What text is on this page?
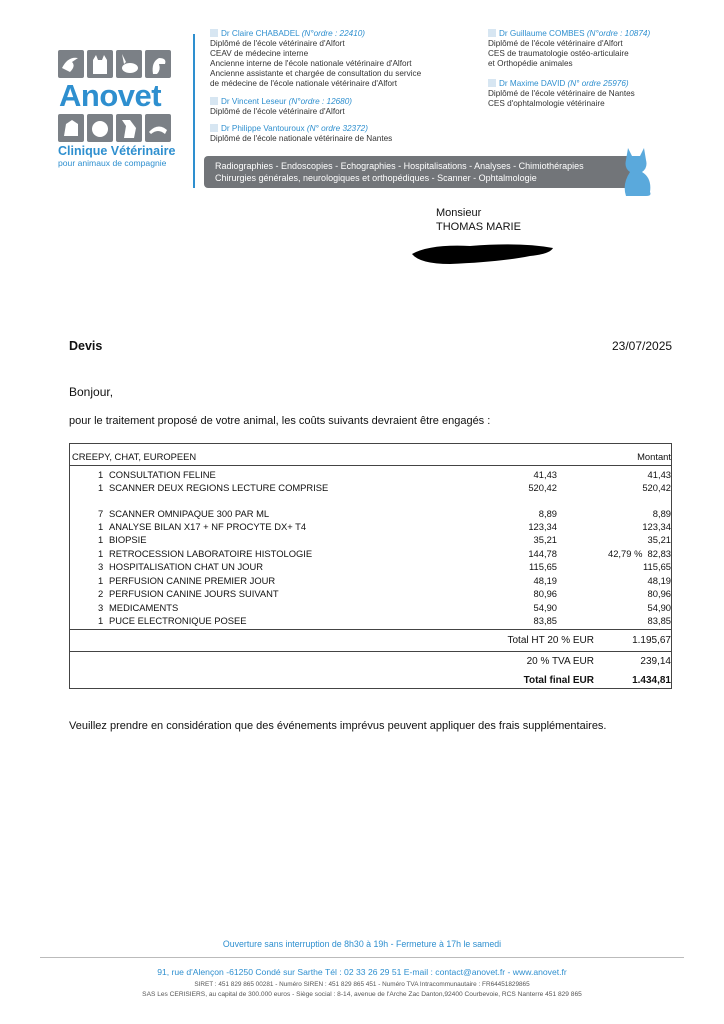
Anovet
Clinique Vétérinaire
pour animaux de compagnie
Dr Claire CHABADEL (N°ordre : 22410)
Diplômé de l'école vétérinaire d'Alfort
CEAV de médecine interne
Ancienne interne de l'école nationale vétérinaire d'Alfort
Ancienne assistante et chargée de consultation du service
de médecine de l'école nationale vétérinaire d'Alfort
Dr Vincent Leseur (N°ordre : 12680)
Diplômé de l'école vétérinaire d'Alfort
Dr Philippe Vantouroux (N° ordre 32372)
Diplômé de l'école nationale vétérinaire de Nantes
Dr Guillaume COMBES (N°ordre : 10874)
Diplômé de l'école vétérinaire d'Alfort
CES de traumatologie ostéo-articulaire
et Orthopédie animales
Dr Maxime DAVID (N° ordre 25976)
Diplômé de l'école vétérinaire de Nantes
CES d'ophtalmologie vétérinaire
Radiographies - Endoscopies - Echographies - Hospitalisations - Analyses - Chimiothérapies
Chirurgies générales, neurologiques et orthopédiques - Scanner - Ophtalmologie
Monsieur
THOMAS MARIE
Devis	23/07/2025
Bonjour,
pour le traitement proposé de votre animal, les coûts suivants devraient être engagés :
CREEPY, CHAT, EUROPEEN	Montant
1 CONSULTATION FELINE	41,43	41,43
1 SCANNER DEUX REGIONS LECTURE COMPRISE	520,42	520,42
7 SCANNER OMNIPAQUE 300 PAR ML	8,89	8,89
1 ANALYSE BILAN X17 + NF PROCYTE DX+ T4	123,34	123,34
1 BIOPSIE	35,21	35,21
1 RETROCESSION LABORATOIRE HISTOLOGIE	144,78	42,79 % 82,83
3 HOSPITALISATION CHAT UN JOUR	115,65	115,65
1 PERFUSION CANINE PREMIER JOUR	48,19	48,19
2 PERFUSION CANINE JOURS SUIVANT	80,96	80,96
3 MEDICAMENTS	54,90	54,90
1 PUCE ELECTRONIQUE POSEE	83,85	83,85
Total HT 20 % EUR	1.195,67
20 % TVA EUR	239,14
Total final EUR	1.434,81
Veuillez prendre en considération que des événements imprévus peuvent appliquer des frais supplémentaires.
Ouverture sans interruption de 8h30 à 19h - Fermeture à 17h le samedi
91, rue d'Alençon -61250 Condé sur Sarthe Tél : 02 33 26 29 51 E-mail : contact@anovet.fr - www.anovet.fr
SIRET : 451 829 865 00281 - Numéro SIREN : 451 829 865 451 - Numéro TVA Intracommunautaire : FR64451829865
SAS Les CERISIERS, au capital de 300.000 euros - Siège social : 8-14, avenue de l'Arche Zac Danton,92400 Courbevoie, RCS Nanterre 451 829 865
